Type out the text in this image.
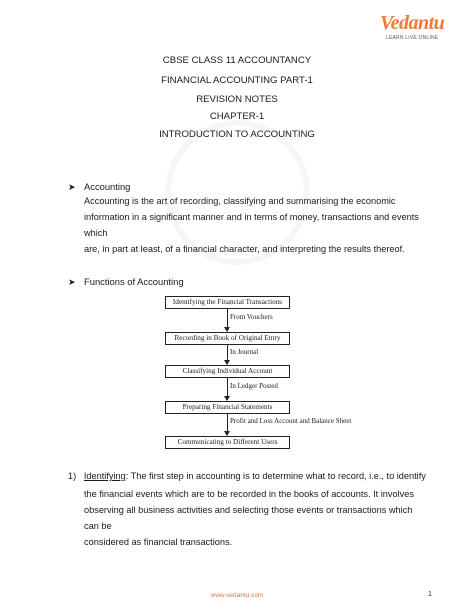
Vedantu
LEARN LIVE ONLINE
CBSE CLASS 11 ACCOUNTANCY
FINANCIAL ACCOUNTING PART-1
REVISION NOTES
CHAPTER-1
INTRODUCTION TO ACCOUNTING
➤ Accounting
Accounting is the art of recording, classifying and summarising the economic
information in a significant manner and in terms of money, transactions and events which
are, in part at least, of a financial character, and interpreting the results thereof.
➤ Functions of Accounting
Identifying the Financial Transactions
From Vouchers
Recording in Book of Original Entry
In Journal
Classifying Individual Account
In Ledger Posted
Preparing Financial Statements
Profit and Loss Account and Balance Sheet
Communicating to Different Users
1) Identifying: The first step in accounting is to determine what to record, i.e., to identify
the financial events which are to be recorded in the books of accounts. It involves
observing all business activities and selecting those events or transactions which can be
considered as financial transactions.
www.vedantu.com	1
